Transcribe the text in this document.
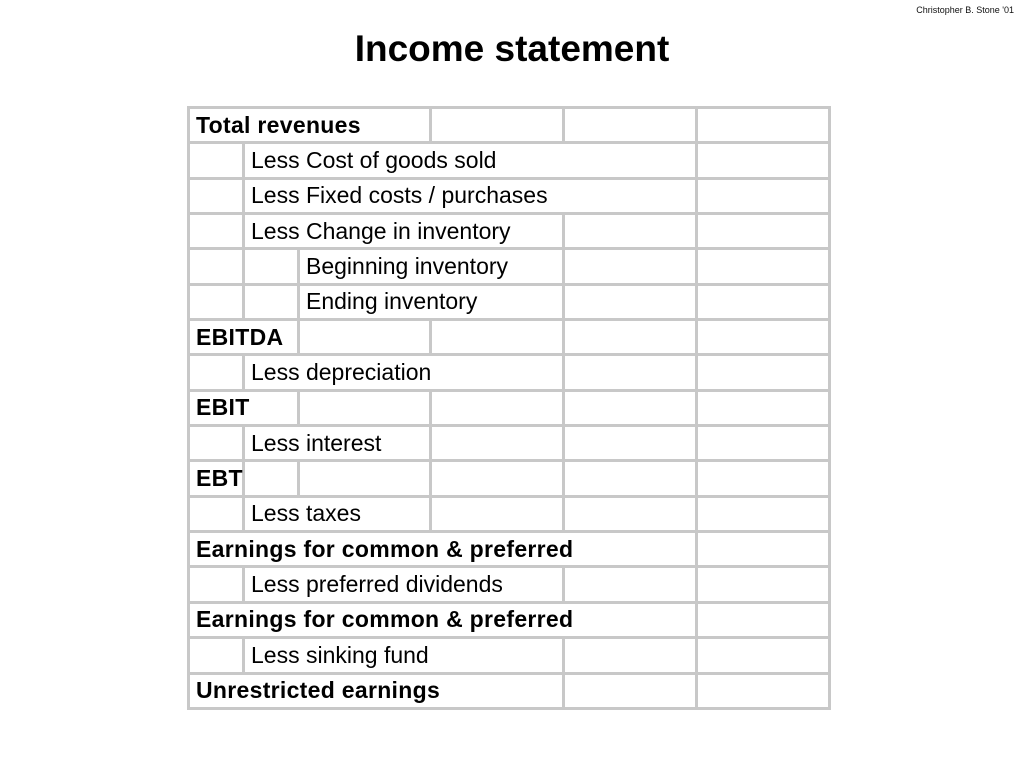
Christopher B. Stone '01
Income statement
Total revenues					
	Less Cost of goods sold				
	Less Fixed costs / purchases				
	Less Change in inventory				
		Beginning inventory			
		Ending inventory			
EBITDA					
	Less depreciation				
EBIT					
	Less interest				
EBT					
	Less taxes				
Earnings for common & preferred					
	Less preferred dividends				
Earnings for common & preferred					
	Less sinking fund				
Unrestricted earnings					
